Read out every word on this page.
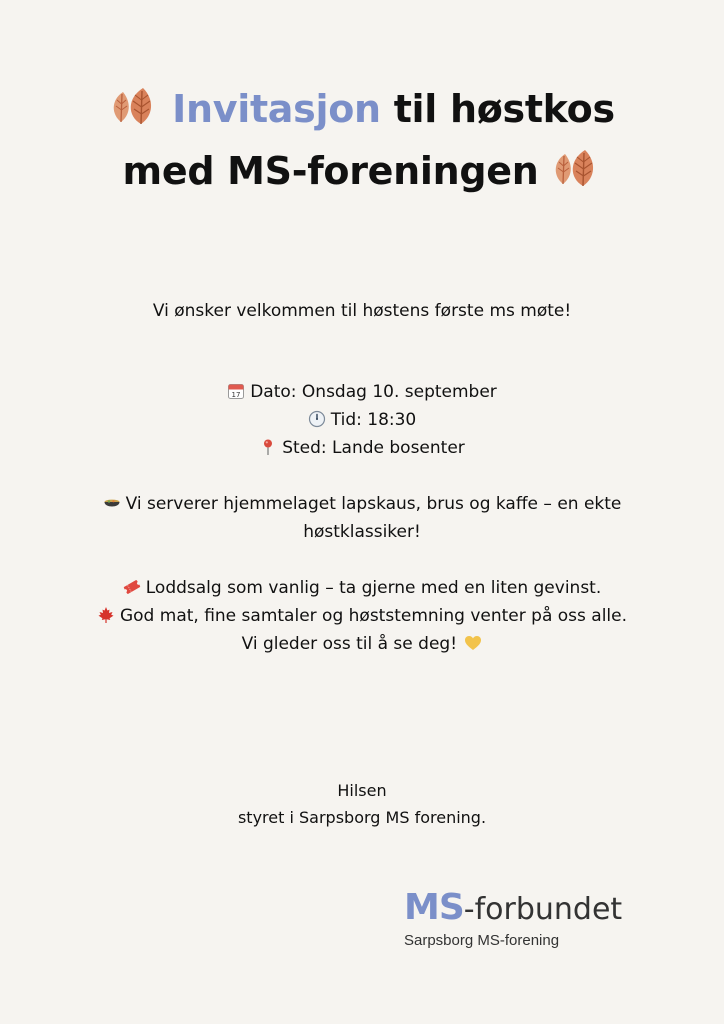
Invitasjon til høstkos
med MS-foreningen
Vi ønsker velkommen til høstens første ms møte!

17 Dato: Onsdag 10. september

Tid: 18:30

Sted: Lande bosenter

Vi serverer hjemmelaget lapskaus, brus og kaffe – en ekte høstklassiker!

Loddsalg som vanlig – ta gjerne med en liten gevinst.

God mat, fine samtaler og høststemning venter på oss alle.

Vi gleder oss til å se deg!

Hilsen
styret i Sarpsborg MS forening.
MS-forbundet
Sarpsborg MS-forening
